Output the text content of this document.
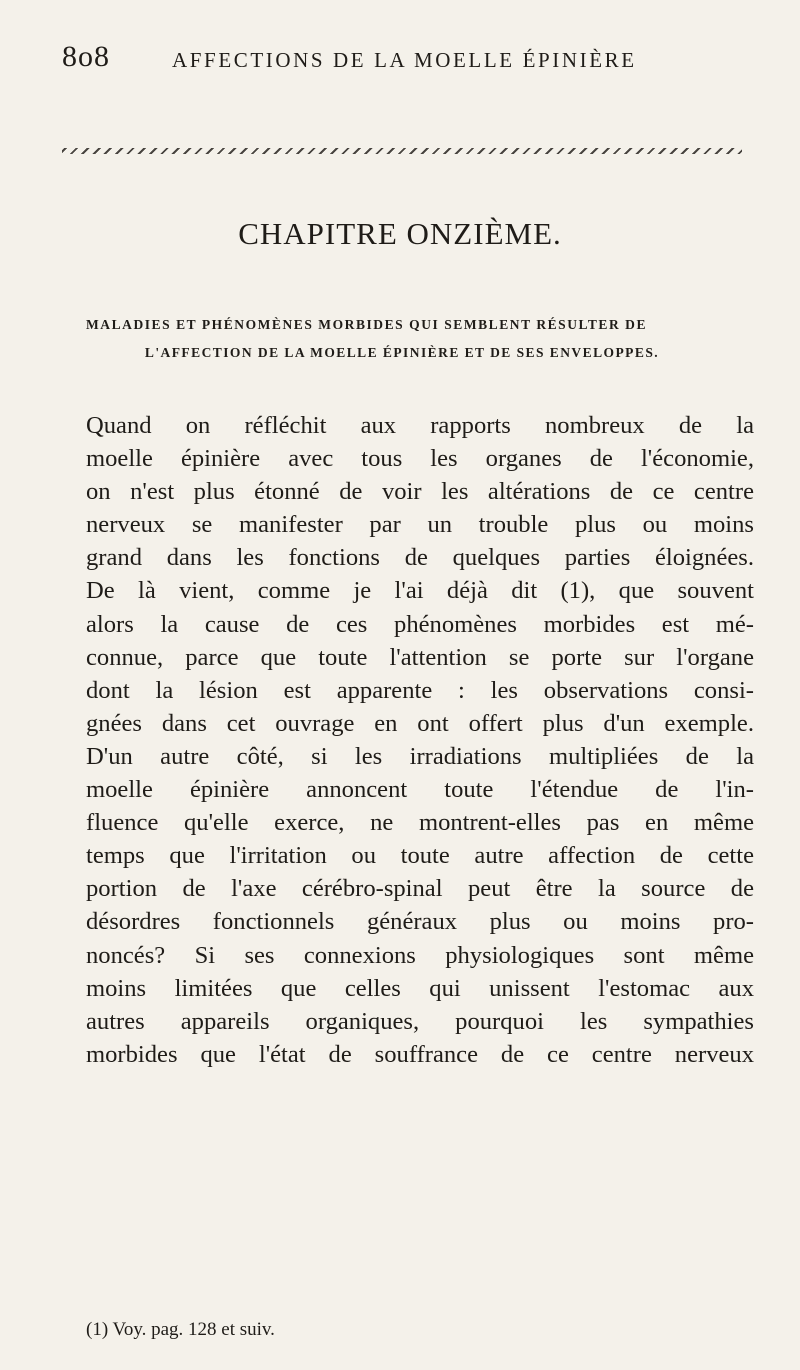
8o8	AFFECTIONS DE LA MOELLE ÉPINIÈRE
CHAPITRE ONZIÈME.
MALADIES ET PHÉNOMÈNES MORBIDES QUI SEMBLENT RÉSULTER DE
L'AFFECTION DE LA MOELLE ÉPINIÈRE ET DE SES ENVELOPPES.
Quand on réfléchit aux rapports nombreux de la
moelle épinière avec tous les organes de l'économie,
on n'est plus étonné de voir les altérations de ce centre
nerveux se manifester par un trouble plus ou moins
grand dans les fonctions de quelques parties éloignées.
De là vient, comme je l'ai déjà dit (1), que souvent
alors la cause de ces phénomènes morbides est mé-
connue, parce que toute l'attention se porte sur l'organe
dont la lésion est apparente : les observations consi-
gnées dans cet ouvrage en ont offert plus d'un exemple.
D'un autre côté, si les irradiations multipliées de la
moelle épinière annoncent toute l'étendue de l'in-
fluence qu'elle exerce, ne montrent-elles pas en même
temps que l'irritation ou toute autre affection de cette
portion de l'axe cérébro-spinal peut être la source de
désordres fonctionnels généraux plus ou moins pro-
noncés? Si ses connexions physiologiques sont même
moins limitées que celles qui unissent l'estomac aux
autres appareils organiques, pourquoi les sympathies
morbides que l'état de souffrance de ce centre nerveux
(1) Voy. pag. 128 et suiv.
